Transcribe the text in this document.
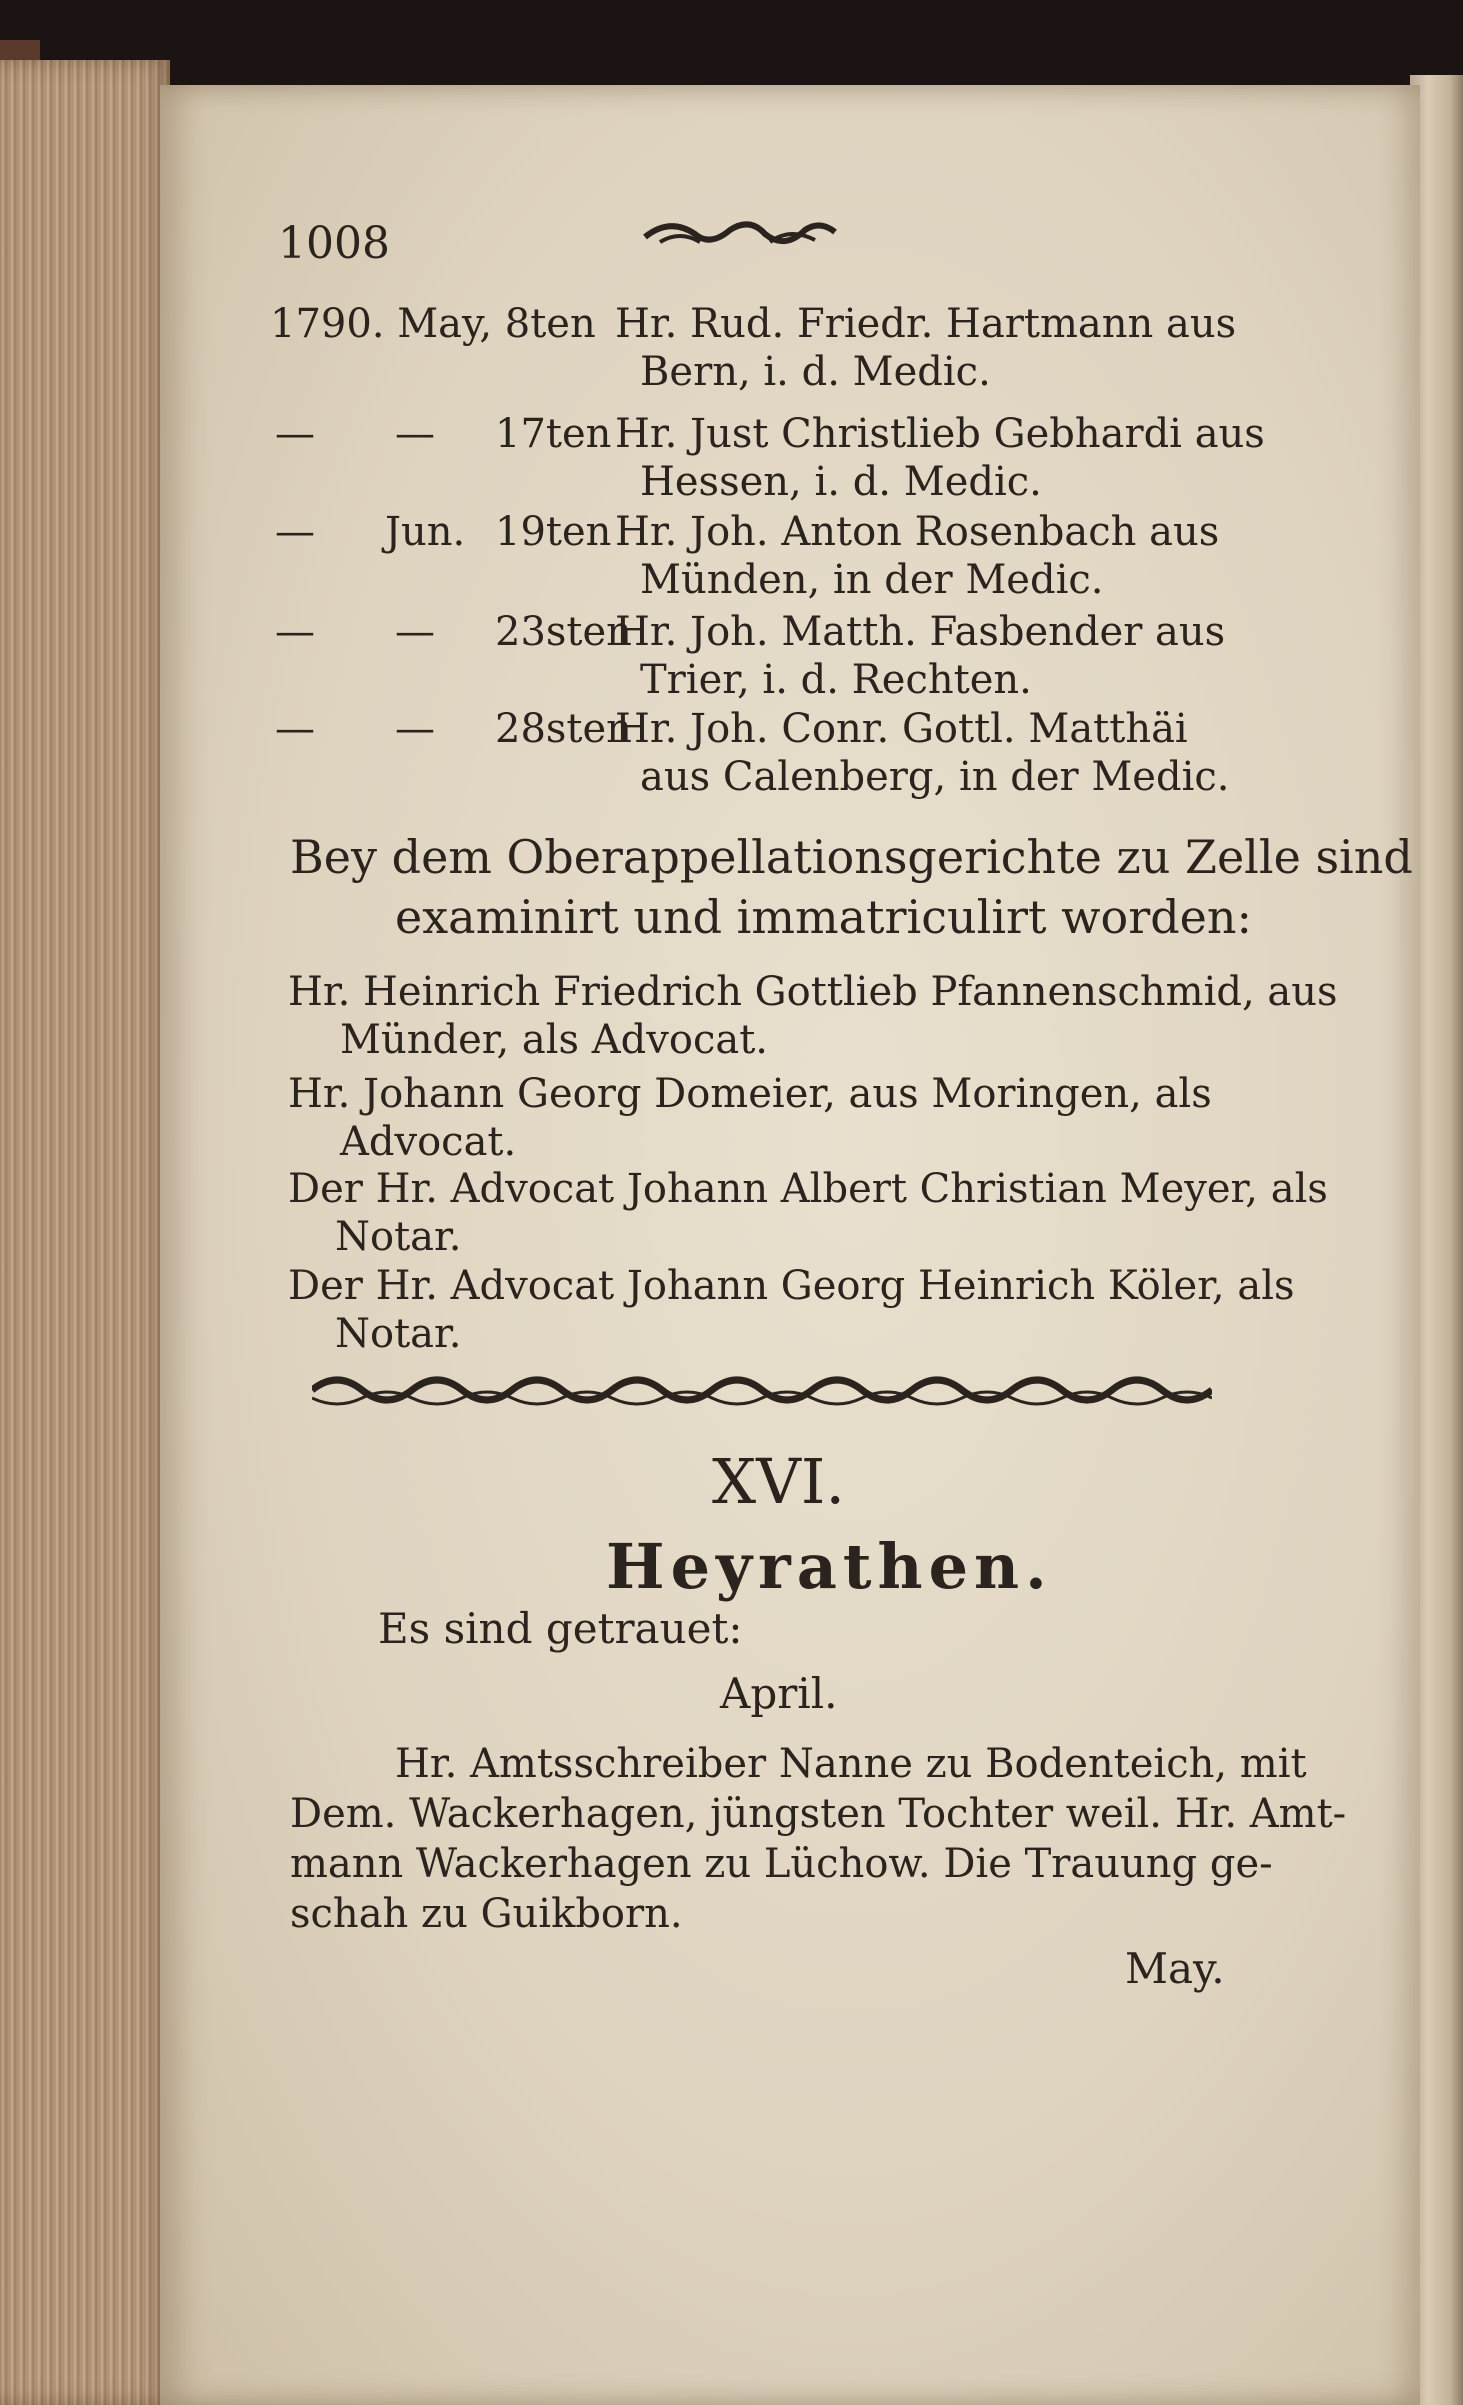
1008
1790. May, 8ten Hr. Rud. Friedr. Hartmann aus
Bern, i. d. Medic.
— — 17ten Hr. Just Christlieb Gebhardi aus
Hessen, i. d. Medic.
— Jun. 19ten Hr. Joh. Anton Rosenbach aus
Münden, in der Medic.
— — 23sten
Hr. Joh. Matth. Fasbender aus
Trier, i. d. Rechten.
— — 28sten
Hr. Joh. Conr. Gottl. Matthäi
aus Calenberg, in der Medic.
Bey dem Oberappellationsgerichte zu Zelle sind
examinirt und immatriculirt worden:
Hr. Heinrich Friedrich Gottlieb Pfannenschmid, aus
Münder, als Advocat.
Hr. Johann Georg Domeier, aus Moringen, als
Advocat.
Der Hr. Advocat Johann Albert Christian Meyer, als
Notar.
Der Hr. Advocat Johann Georg Heinrich Köler, als
Notar.
XVI.
Heyrathen.
Es sind getrauet:
April.
Hr. Amtsschreiber Nanne zu Bodenteich, mit
Dem. Wackerhagen, jüngsten Tochter weil. Hr. Amt-
mann Wackerhagen zu Lüchow. Die Trauung ge-
schah zu Guikborn.
May.
